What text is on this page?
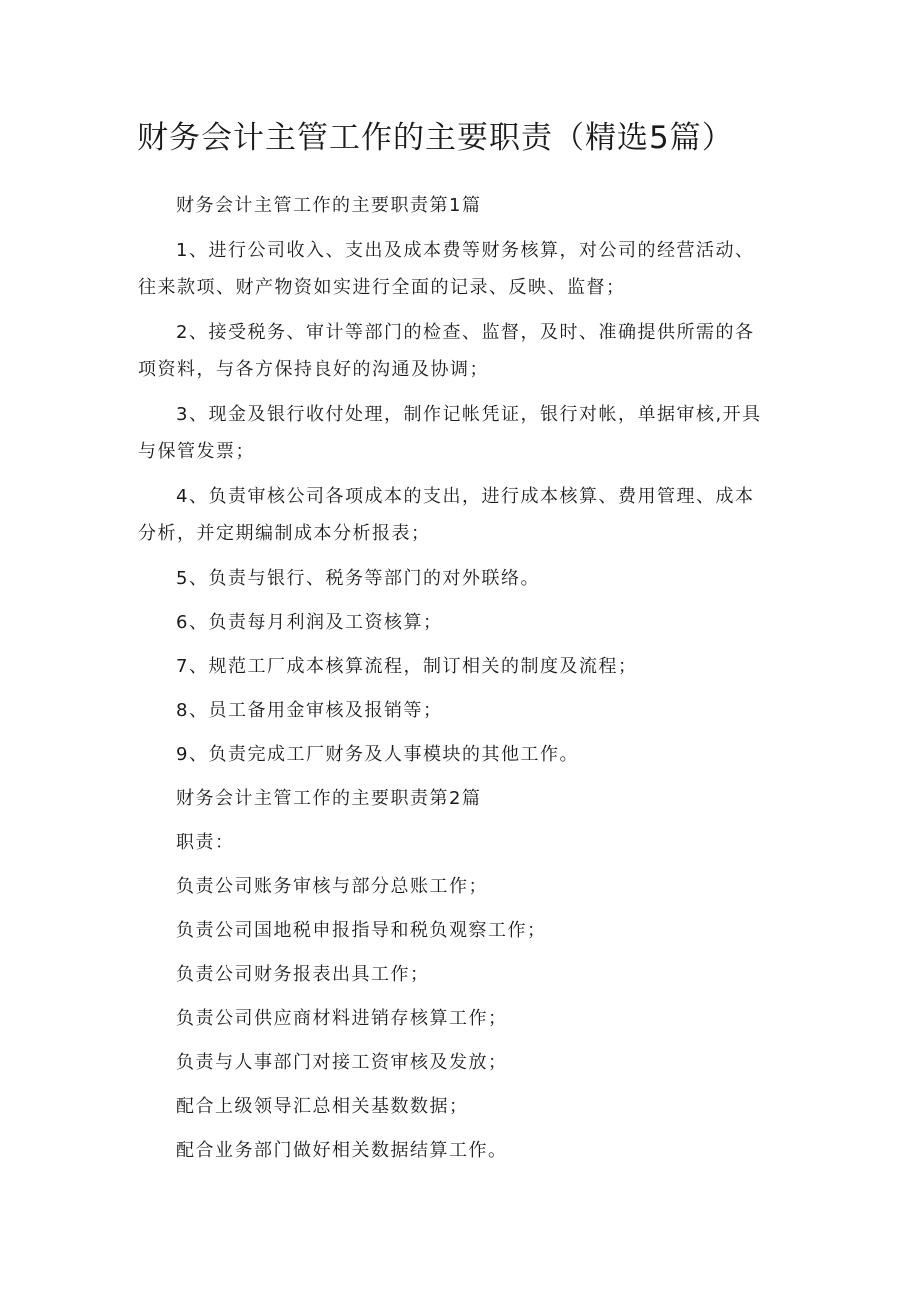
财务会计主管工作的主要职责（精选5篇）

财务会计主管工作的主要职责第1篇

1、进行公司收入、支出及成本费等财务核算，对公司的经营活动、

往来款项、财产物资如实进行全面的记录、反映、监督；

2、接受税务、审计等部门的检查、监督，及时、准确提供所需的各

项资料，与各方保持良好的沟通及协调；

3、现金及银行收付处理，制作记帐凭证，银行对帐，单据审核,开具

与保管发票；

4、负责审核公司各项成本的支出，进行成本核算、费用管理、成本

分析，并定期编制成本分析报表；

5、负责与银行、税务等部门的对外联络。

6、负责每月利润及工资核算；

7、规范工厂成本核算流程，制订相关的制度及流程；

8、员工备用金审核及报销等；

9、负责完成工厂财务及人事模块的其他工作。

财务会计主管工作的主要职责第2篇

职责：

负责公司账务审核与部分总账工作；

负责公司国地税申报指导和税负观察工作；

负责公司财务报表出具工作；

负责公司供应商材料进销存核算工作；

负责与人事部门对接工资审核及发放；

配合上级领导汇总相关基数数据；

配合业务部门做好相关数据结算工作。
